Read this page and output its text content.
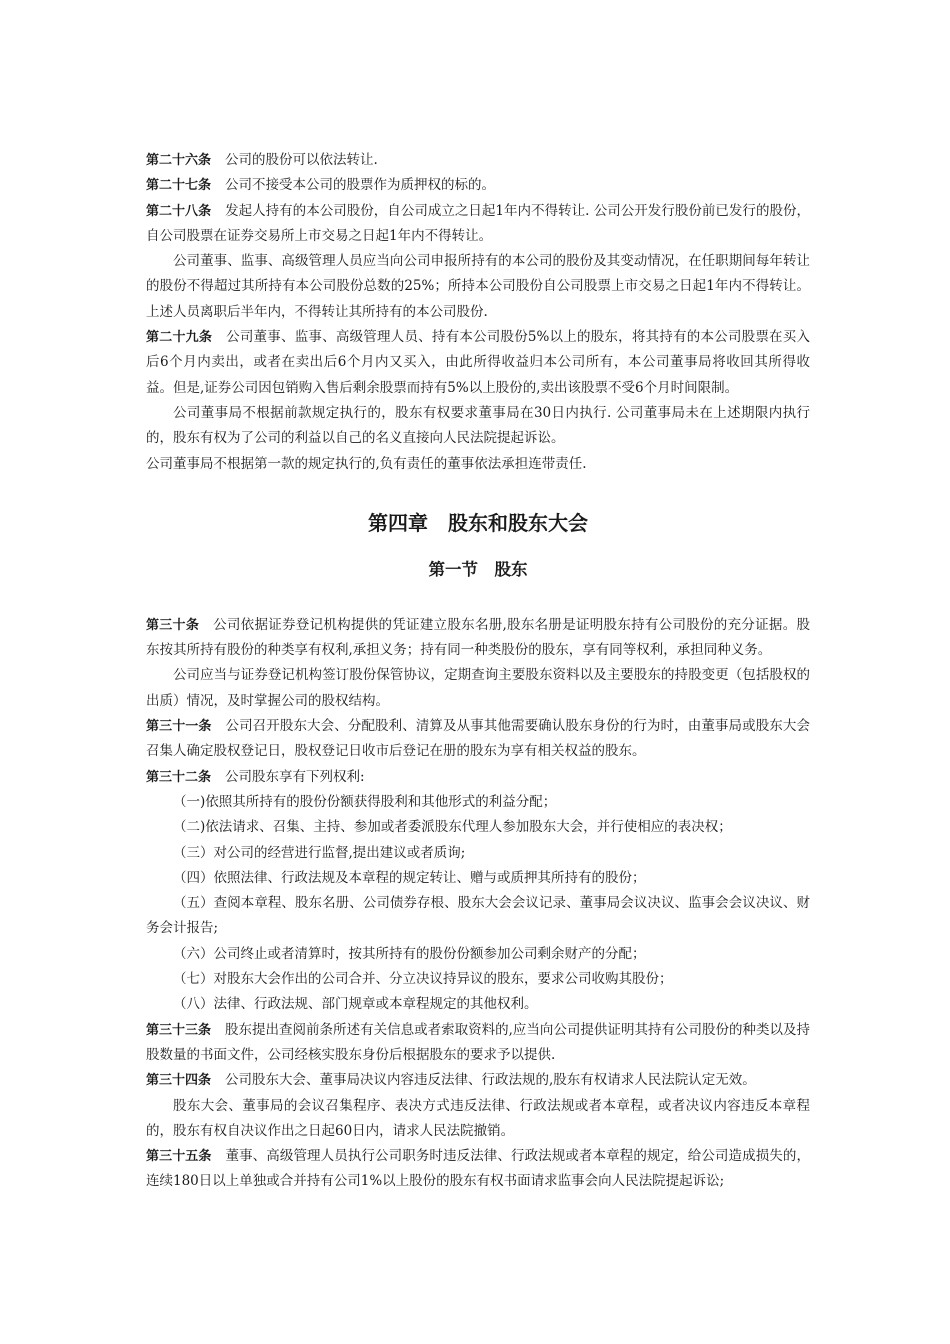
第二十六条 公司的股份可以依法转让.

第二十七条 公司不接受本公司的股票作为质押权的标的。

第二十八条 发起人持有的本公司股份，自公司成立之日起1年内不得转让. 公司公开发行股份前已发行的股份，自公司股票在证券交易所上市交易之日起1年内不得转让。

公司董事、监事、高级管理人员应当向公司申报所持有的本公司的股份及其变动情况，在任职期间每年转让的股份不得超过其所持有本公司股份总数的25%；所持本公司股份自公司股票上市交易之日起1年内不得转让。上述人员离职后半年内，不得转让其所持有的本公司股份.

第二十九条 公司董事、监事、高级管理人员、持有本公司股份5%以上的股东，将其持有的本公司股票在买入后6个月内卖出，或者在卖出后6个月内又买入，由此所得收益归本公司所有，本公司董事局将收回其所得收益。但是,证券公司因包销购入售后剩余股票而持有5%以上股份的,卖出该股票不受6个月时间限制。

公司董事局不根据前款规定执行的，股东有权要求董事局在30日内执行. 公司董事局未在上述期限内执行的，股东有权为了公司的利益以自己的名义直接向人民法院提起诉讼。

公司董事局不根据第一款的规定执行的,负有责任的董事依法承担连带责任.

第四章　股东和股东大会
第一节　股东

第三十条 公司依据证券登记机构提供的凭证建立股东名册,股东名册是证明股东持有公司股份的充分证据。股东按其所持有股份的种类享有权利,承担义务；持有同一种类股份的股东，享有同等权利，承担同种义务。

公司应当与证券登记机构签订股份保管协议，定期查询主要股东资料以及主要股东的持股变更（包括股权的出质）情况，及时掌握公司的股权结构。

第三十一条 公司召开股东大会、分配股利、清算及从事其他需要确认股东身份的行为时，由董事局或股东大会召集人确定股权登记日，股权登记日收市后登记在册的股东为享有相关权益的股东。

第三十二条 公司股东享有下列权利:

（一)依照其所持有的股份份额获得股利和其他形式的利益分配；

（二)依法请求、召集、主持、参加或者委派股东代理人参加股东大会，并行使相应的表决权；

（三）对公司的经营进行监督,提出建议或者质询;

（四）依照法律、行政法规及本章程的规定转让、赠与或质押其所持有的股份；

（五）查阅本章程、股东名册、公司债券存根、股东大会会议记录、董事局会议决议、监事会会议决议、财务会计报告;

（六）公司终止或者清算时，按其所持有的股份份额参加公司剩余财产的分配；

（七）对股东大会作出的公司合并、分立决议持异议的股东，要求公司收购其股份；

（八）法律、行政法规、部门规章或本章程规定的其他权利。

第三十三条 股东提出查阅前条所述有关信息或者索取资料的,应当向公司提供证明其持有公司股份的种类以及持股数量的书面文件，公司经核实股东身份后根据股东的要求予以提供.

第三十四条 公司股东大会、董事局决议内容违反法律、行政法规的,股东有权请求人民法院认定无效。

股东大会、董事局的会议召集程序、表决方式违反法律、行政法规或者本章程，或者决议内容违反本章程的，股东有权自决议作出之日起60日内，请求人民法院撤销。

第三十五条 董事、高级管理人员执行公司职务时违反法律、行政法规或者本章程的规定，给公司造成损失的，连续180日以上单独或合并持有公司1%以上股份的股东有权书面请求监事会向人民法院提起诉讼;
